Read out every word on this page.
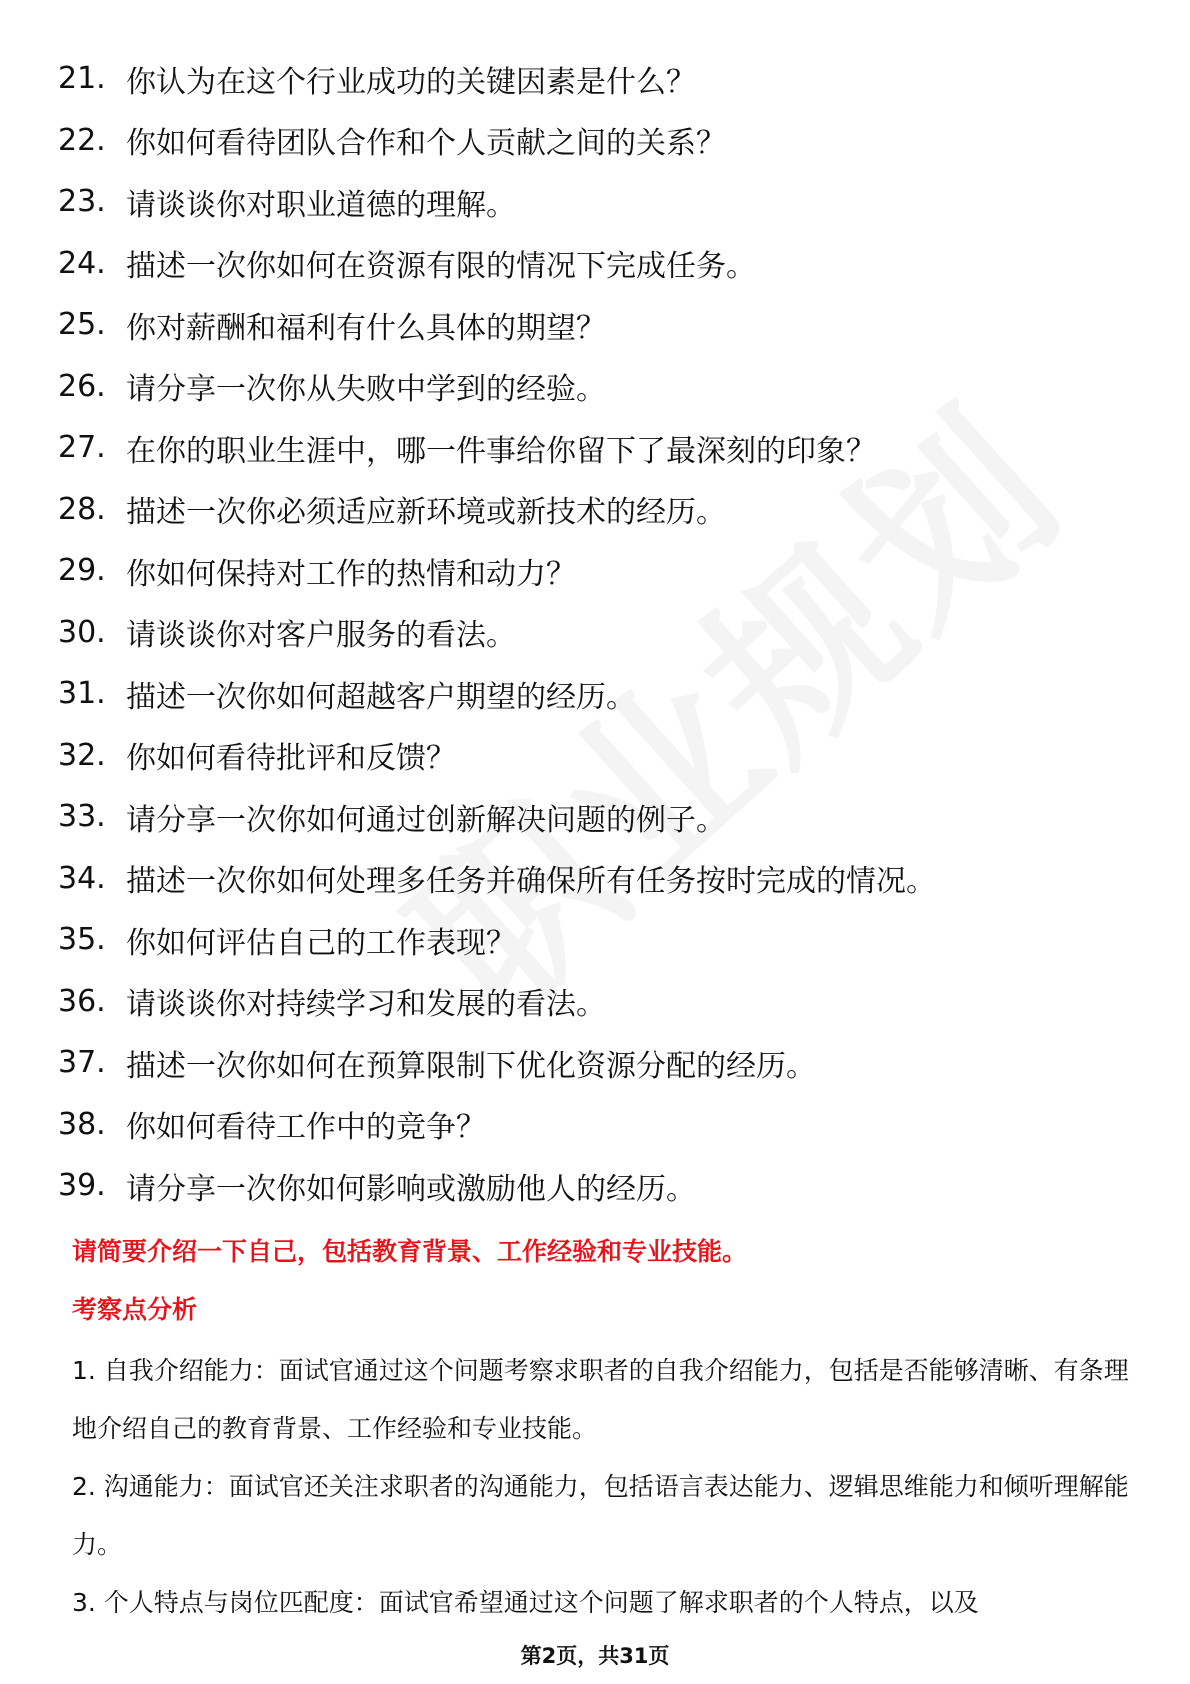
21. 你认为在这个行业成功的关键因素是什么？
22. 你如何看待团队合作和个人贡献之间的关系？
23. 请谈谈你对职业道德的理解。
24. 描述一次你如何在资源有限的情况下完成任务。
25. 你对薪酬和福利有什么具体的期望？
26. 请分享一次你从失败中学到的经验。
27. 在你的职业生涯中，哪一件事给你留下了最深刻的印象？
28. 描述一次你必须适应新环境或新技术的经历。
29. 你如何保持对工作的热情和动力？
30. 请谈谈你对客户服务的看法。
31. 描述一次你如何超越客户期望的经历。
32. 你如何看待批评和反馈？
33. 请分享一次你如何通过创新解决问题的例子。
34. 描述一次你如何处理多任务并确保所有任务按时完成的情况。
35. 你如何评估自己的工作表现？
36. 请谈谈你对持续学习和发展的看法。
37. 描述一次你如何在预算限制下优化资源分配的经历。
38. 你如何看待工作中的竞争？
39. 请分享一次你如何影响或激励他人的经历。
请简要介绍一下自己，包括教育背景、工作经验和专业技能。
考察点分析

1. 自我介绍能力：面试官通过这个问题考察求职者的自我介绍能力，包括是否能够清晰、有条理地介绍自己的教育背景、工作经验和专业技能。

2. 沟通能力：面试官还关注求职者的沟通能力，包括语言表达能力、逻辑思维能力和倾听理解能力。

3. 个人特点与岗位匹配度：面试官希望通过这个问题了解求职者的个人特点，以及

第2页，共31页
